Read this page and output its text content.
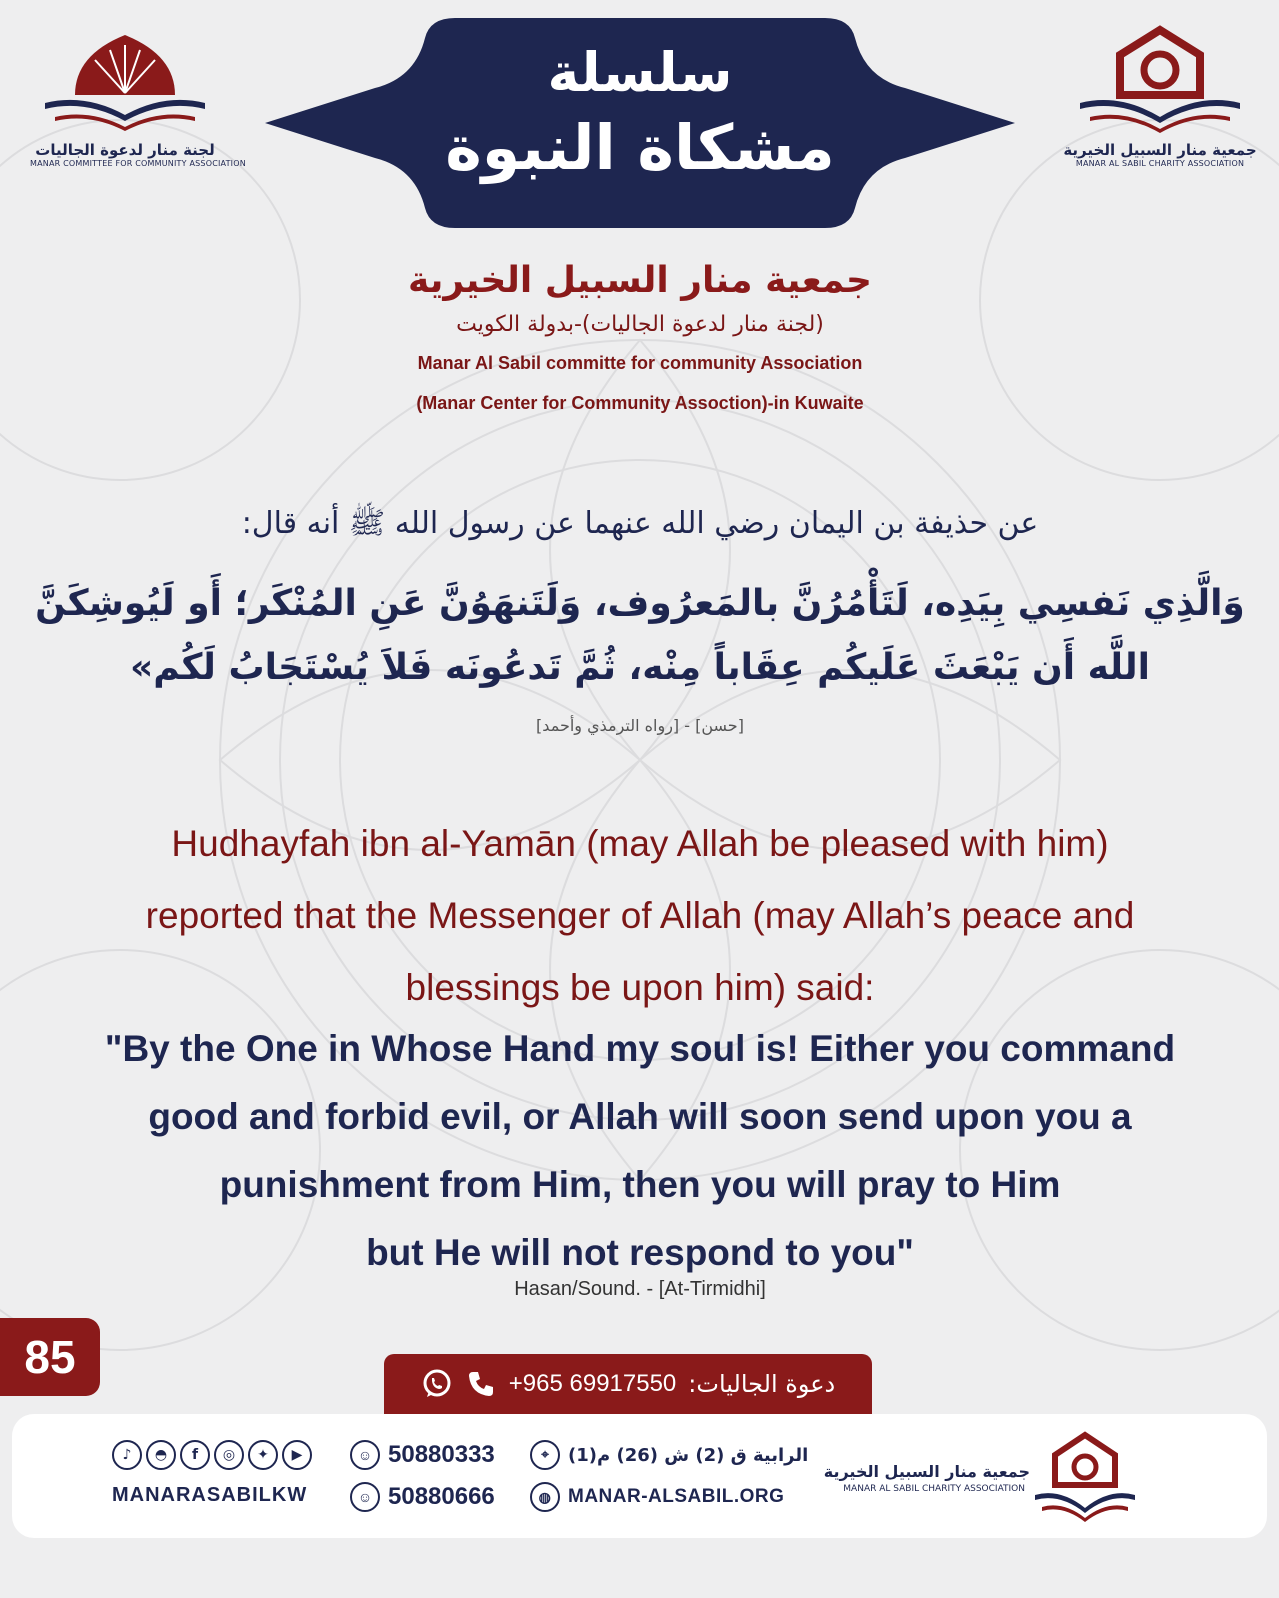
سلسلة
مشكاة النبوة
لجنة منار لدعوة الجاليات
MANAR COMMITTEE FOR COMMUNITY ASSOCIATION
جمعية منار السبيل الخيرية
MANAR AL SABIL CHARITY ASSOCIATION
جمعية منار السبيل الخيرية
(لجنة منار لدعوة الجاليات)-بدولة الكويت
Manar Al Sabil committe for community Association
(Manar Center for Community Assoction)-in Kuwaite
عن حذيفة بن اليمان رضي الله عنهما عن رسول الله ﷺ أنه قال:
وَالَّذِي نَفسِي بِيَدِه، لَتَأْمُرُنَّ بالمَعرُوف، وَلَتَنهَوُنَّ عَنِ المُنْكَر؛ أَو لَيُوشِكَنَّ
اللَّه أَن يَبْعَثَ عَلَيكُم عِقَاباً مِنْه، ثُمَّ تَدعُونَه فَلاَ يُسْتَجَابُ لَكُم»
[حسن] - [رواه الترمذي وأحمد]
Hudhayfah ibn al-Yamān (may Allah be pleased with him)
reported that the Messenger of Allah (may Allah’s peace and
blessings be upon him) said:
"By the One in Whose Hand my soul is! Either you command
good and forbid evil, or Allah will soon send upon you a
punishment from Him, then you will pray to Him
but He will not respond to you"
Hasan/Sound. - [At-Tirmidhi]
85
دعوة الجاليات:
+965 69917550
جمعية منار السبيل الخيرية
MANAR AL SABIL CHARITY ASSOCIATION
الرابية ق (2) ش (26) م(1)
⌖
◍ MANAR-ALSABIL.ORG
☺ 50880333
☺ 50880666
♪	◓	f	◎	✦	▶
MANARASABILKW
